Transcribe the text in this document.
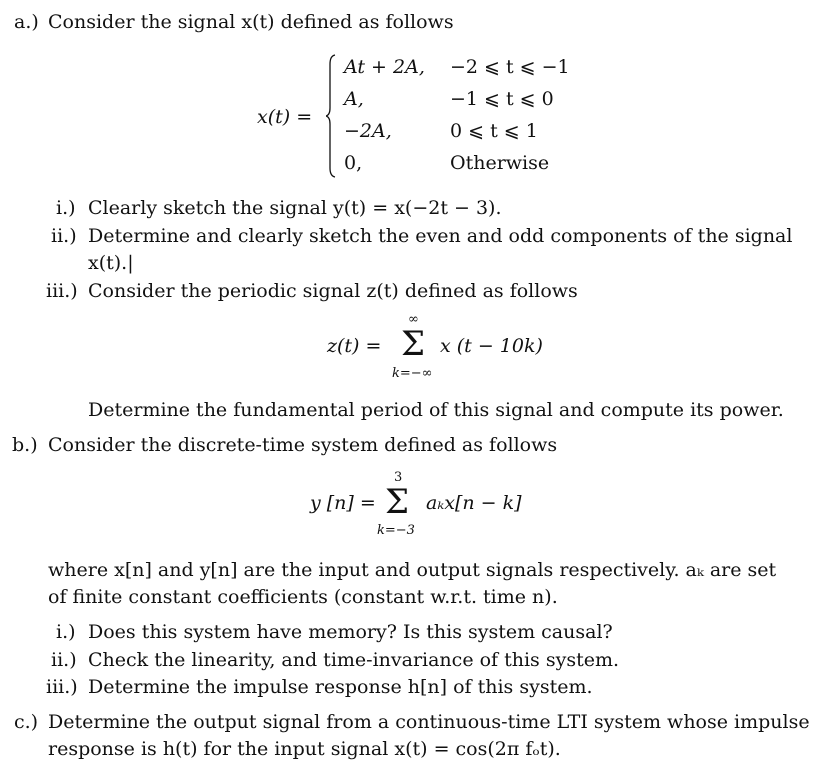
a.) Consider the signal x(t) defined as follows
x(t) =
At + 2A, −2 ⩽ t ⩽ −1
A,	−1 ⩽ t ⩽ 0
−2A,	0 ⩽ t ⩽ 1
0,	Otherwise
i.) Clearly sketch the signal y(t) = x(−2t − 3).
ii.) Determine and clearly sketch the even and odd components of the signal
x(t).|
iii.) Consider the periodic signal z(t) defined as follows
z(t) =
∞
Σ
k=−∞
x (t − 10k)
Determine the fundamental period of this signal and compute its power.
b.) Consider the discrete-time system defined as follows
y [n] =
3
Σ
k=−3
aₖx[n − k]
where x[n] and y[n] are the input and output signals respectively. aₖ are set
of finite constant coefficients (constant w.r.t. time n).
i.) Does this system have memory? Is this system causal?
ii.) Check the linearity, and time-invariance of this system.
iii.) Determine the impulse response h[n] of this system.
c.) Determine the output signal from a continuous-time LTI system whose impulse
response is h(t) for the input signal x(t) = cos(2π fₒt).
